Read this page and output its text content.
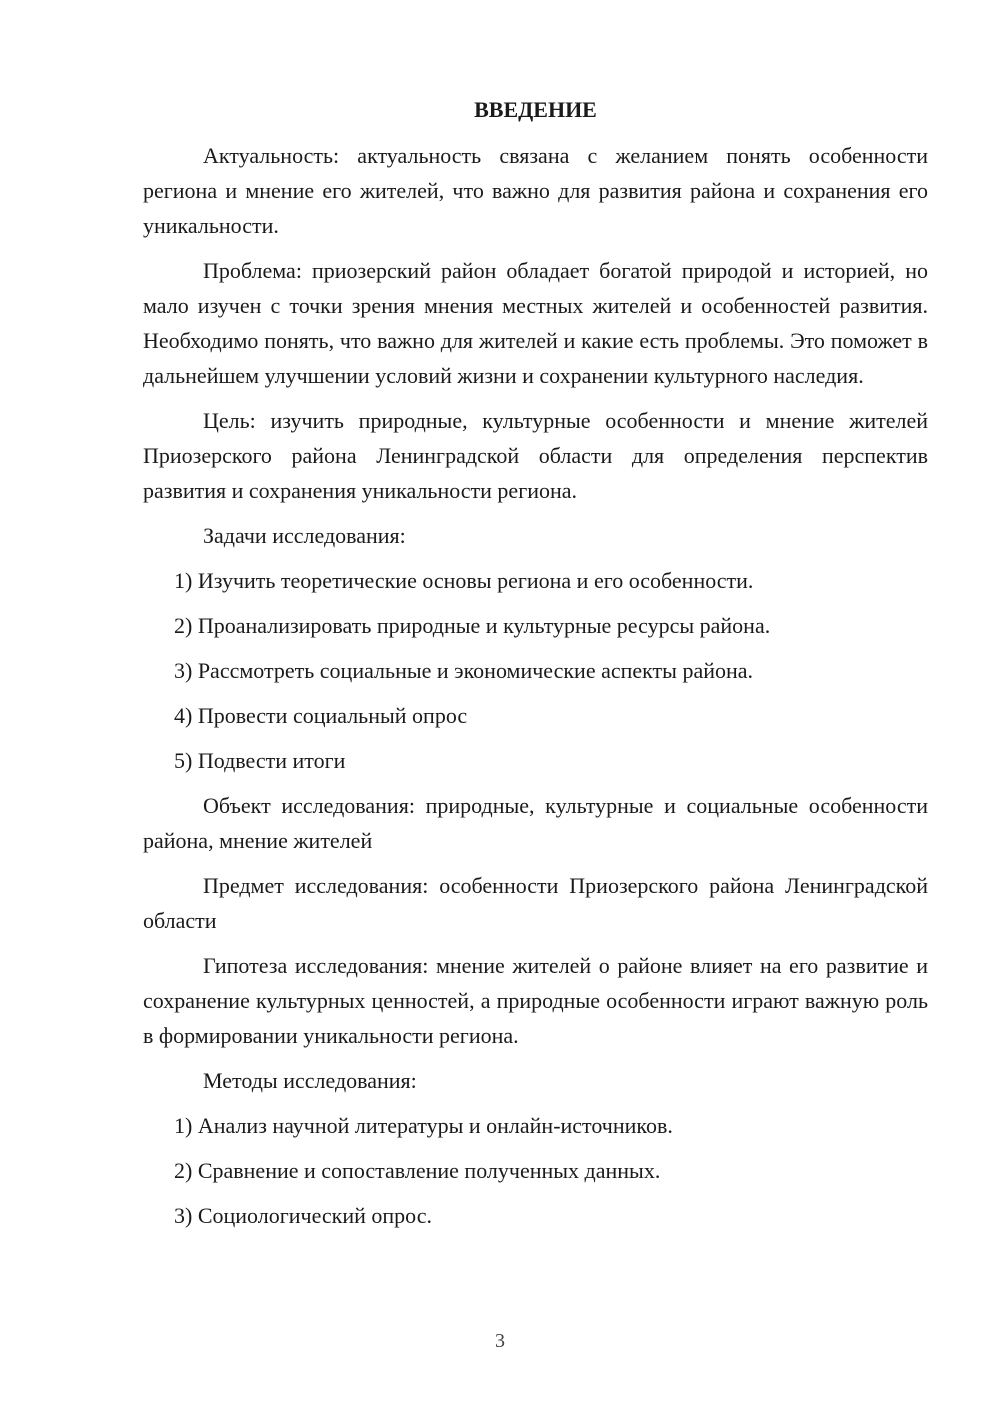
ВВЕДЕНИЕ

Актуальность: актуальность связана с желанием понять особенности региона и мнение его жителей, что важно для развития района и сохранения его уникальности.

Проблема: приозерский район обладает богатой природой и историей, но мало изучен с точки зрения мнения местных жителей и особенностей развития. Необходимо понять, что важно для жителей и какие есть проблемы. Это поможет в дальнейшем улучшении условий жизни и сохранении культурного наследия.

Цель: изучить природные, культурные особенности и мнение жителей Приозерского района Ленинградской области для определения перспектив развития и сохранения уникальности региона.

Задачи исследования:

1) Изучить теоретические основы региона и его особенности.
2) Проанализировать природные и культурные ресурсы района.
3) Рассмотреть социальные и экономические аспекты района.
4) Провести социальный опрос
5) Подвести итоги

Объект исследования: природные, культурные и социальные особенности района, мнение жителей

Предмет исследования: особенности Приозерского района Ленинградской области

Гипотеза исследования: мнение жителей о районе влияет на его развитие и сохранение культурных ценностей, а природные особенности играют важную роль в формировании уникальности региона.

Методы исследования:

1) Анализ научной литературы и онлайн-источников.
2) Сравнение и сопоставление полученных данных.
3) Социологический опрос.
3
